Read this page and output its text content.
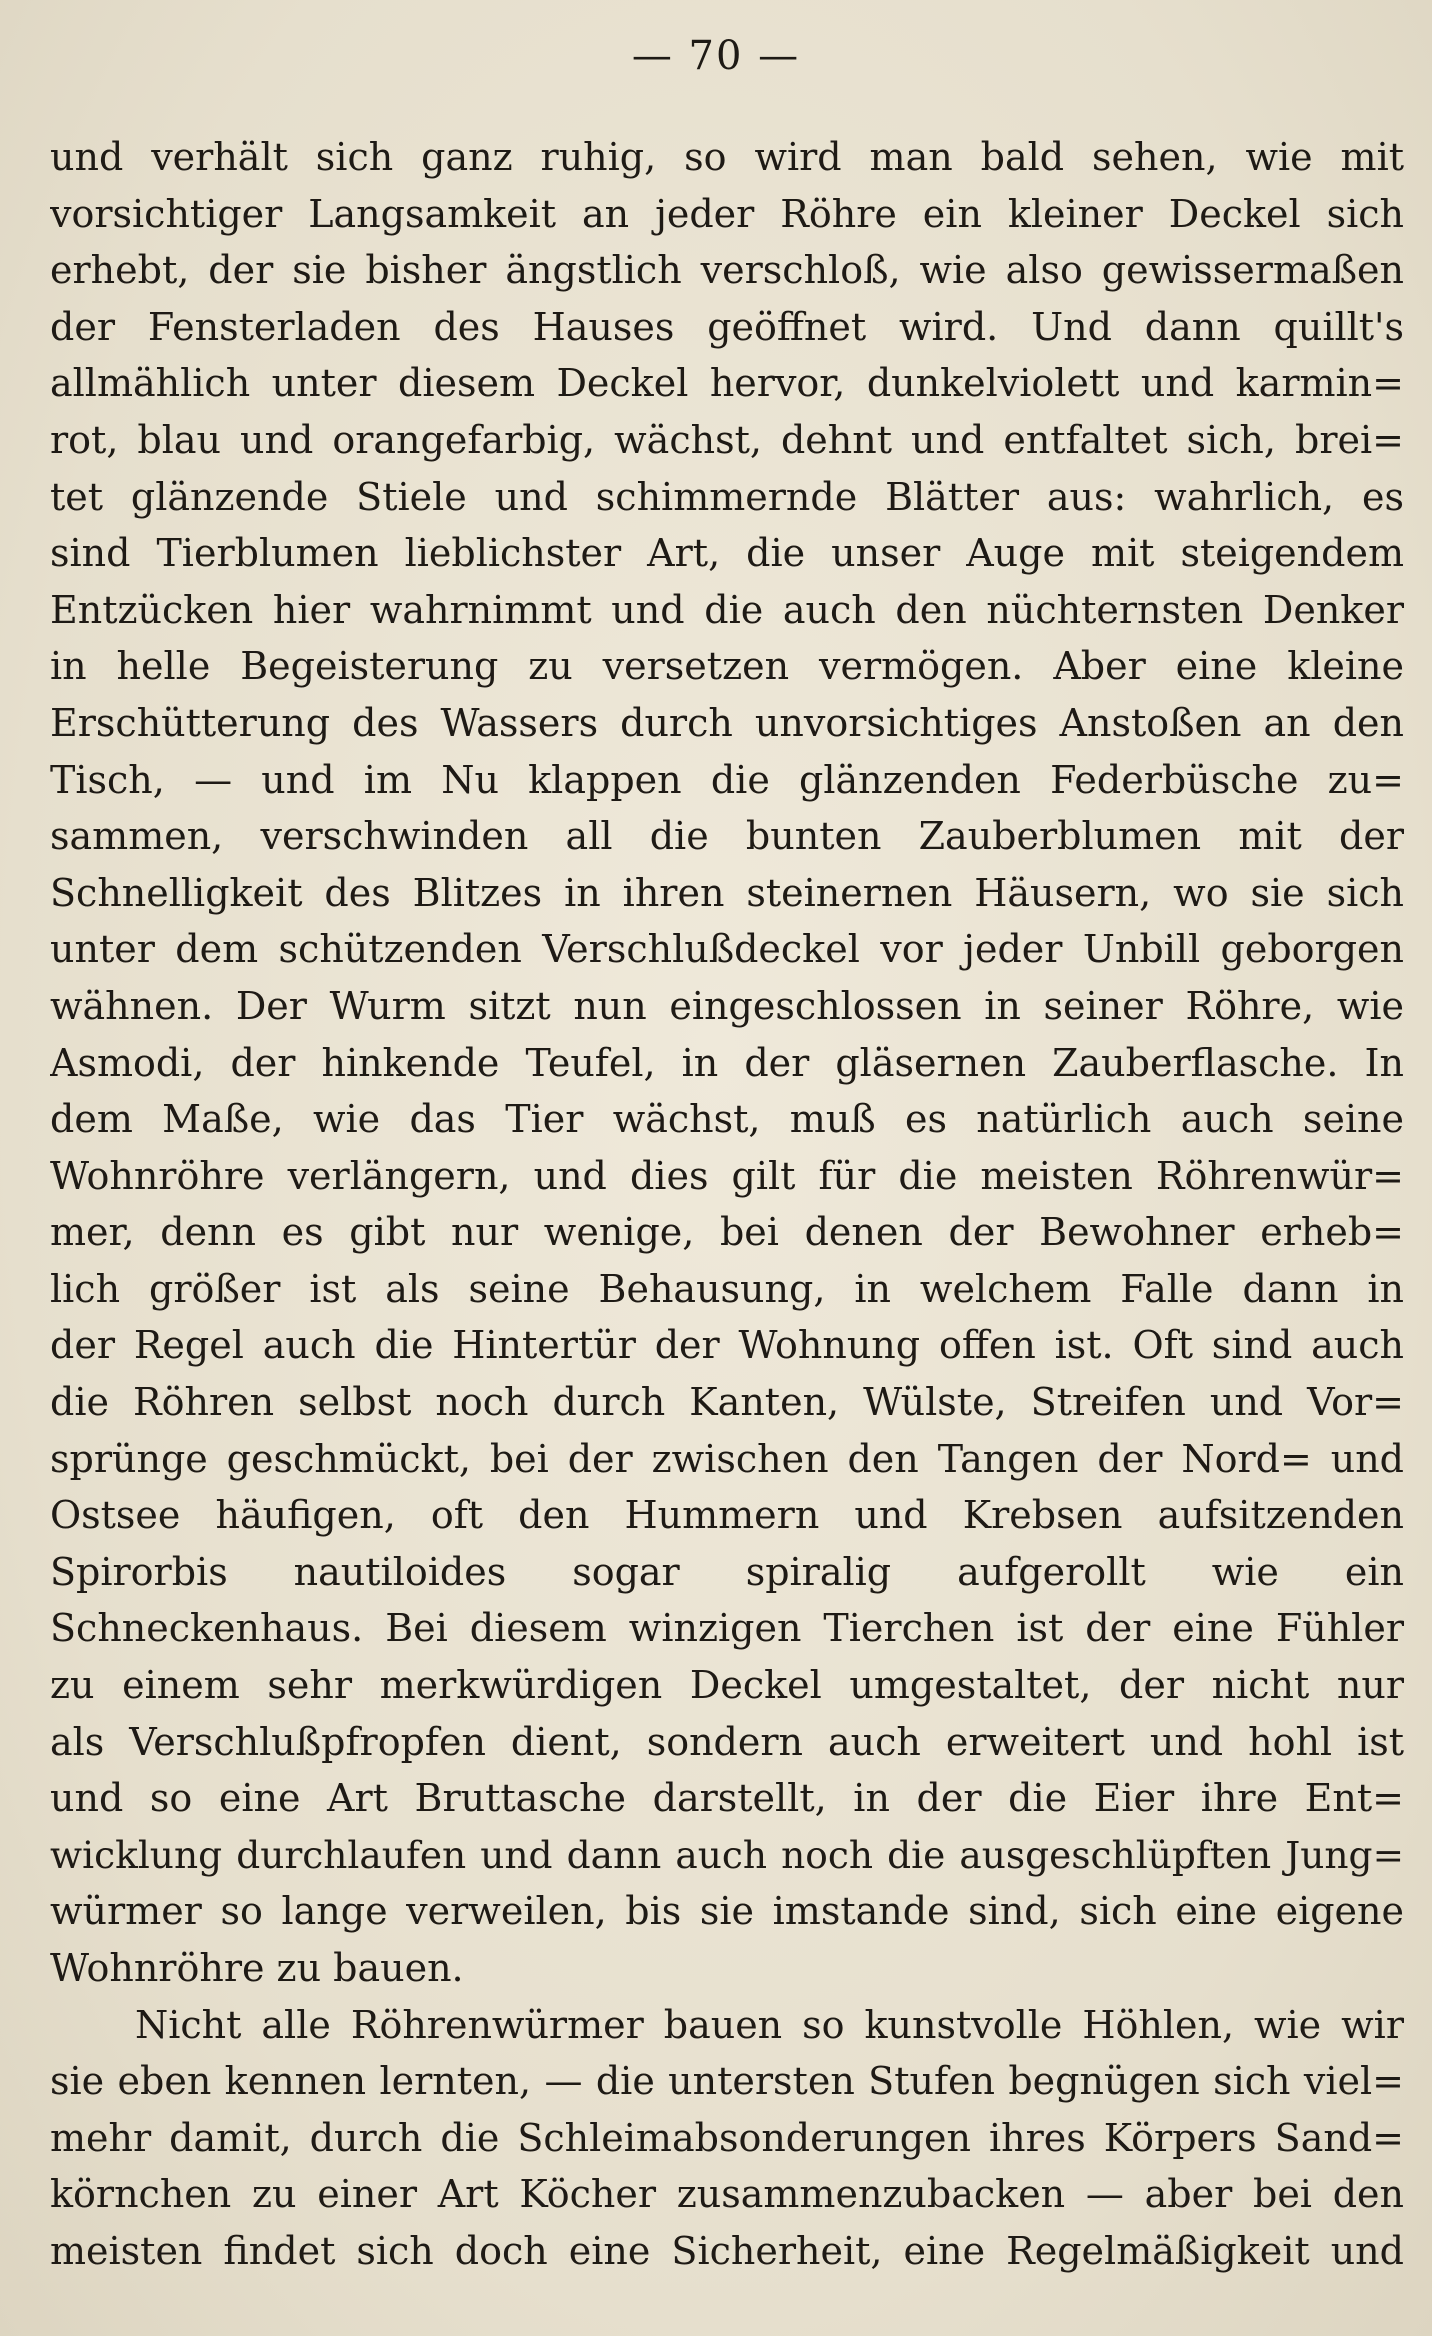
— 70 —
und verhält sich ganz ruhig, so wird man bald sehen, wie mit
vorsichtiger Langsamkeit an jeder Röhre ein kleiner Deckel sich
erhebt, der sie bisher ängstlich verschloß, wie also gewissermaßen
der Fensterladen des Hauses geöffnet wird. Und dann quillt's
allmählich unter diesem Deckel hervor, dunkelviolett und karmin=
rot, blau und orangefarbig, wächst, dehnt und entfaltet sich, brei=
tet glänzende Stiele und schimmernde Blätter aus: wahrlich, es
sind Tierblumen lieblichster Art, die unser Auge mit steigendem
Entzücken hier wahrnimmt und die auch den nüchternsten Denker
in helle Begeisterung zu versetzen vermögen. Aber eine kleine
Erschütterung des Wassers durch unvorsichtiges Anstoßen an den
Tisch, — und im Nu klappen die glänzenden Federbüsche zu=
sammen, verschwinden all die bunten Zauberblumen mit der
Schnelligkeit des Blitzes in ihren steinernen Häusern, wo sie sich
unter dem schützenden Verschlußdeckel vor jeder Unbill geborgen
wähnen. Der Wurm sitzt nun eingeschlossen in seiner Röhre, wie
Asmodi, der hinkende Teufel, in der gläsernen Zauberflasche. In
dem Maße, wie das Tier wächst, muß es natürlich auch seine
Wohnröhre verlängern, und dies gilt für die meisten Röhrenwür=
mer, denn es gibt nur wenige, bei denen der Bewohner erheb=
lich größer ist als seine Behausung, in welchem Falle dann in
der Regel auch die Hintertür der Wohnung offen ist. Oft sind auch
die Röhren selbst noch durch Kanten, Wülste, Streifen und Vor=
sprünge geschmückt, bei der zwischen den Tangen der Nord= und
Ostsee häufigen, oft den Hummern und Krebsen aufsitzenden
Spirorbis nautiloides sogar spiralig aufgerollt wie ein
Schneckenhaus. Bei diesem winzigen Tierchen ist der eine Fühler
zu einem sehr merkwürdigen Deckel umgestaltet, der nicht nur
als Verschlußpfropfen dient, sondern auch erweitert und hohl ist
und so eine Art Bruttasche darstellt, in der die Eier ihre Ent=
wicklung durchlaufen und dann auch noch die ausgeschlüpften Jung=
würmer so lange verweilen, bis sie imstande sind, sich eine eigene
Wohnröhre zu bauen.
Nicht alle Röhrenwürmer bauen so kunstvolle Höhlen, wie wir
sie eben kennen lernten, — die untersten Stufen begnügen sich viel=
mehr damit, durch die Schleimabsonderungen ihres Körpers Sand=
körnchen zu einer Art Köcher zusammenzubacken — aber bei den
meisten findet sich doch eine Sicherheit, eine Regelmäßigkeit und
